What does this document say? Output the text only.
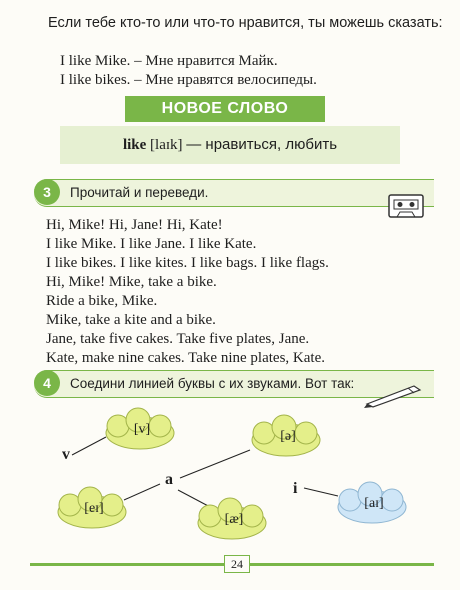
Если тебе кто-то или что-то нравится, ты можешь сказать:
I like Mike. – Мне нравится Майк.
I like bikes. – Мне нравятся велосипеды.
НОВОЕ СЛОВО
like [laɪk] — нравиться, любить
3	Прочитай и переведи.
Hi, Mike! Hi, Jane! Hi, Kate!
I like Mike. I like Jane. I like Kate.
I like bikes. I like kites. I like bags. I like flags.
Hi, Mike! Mike, take a bike.
Ride a bike, Mike.
Mike, take a kite and a bike.
Jane, take five cakes. Take five plates, Jane.
Kate, make nine cakes. Take nine plates, Kate.
4	Соедини линией буквы с их звуками. Вот так:
[v]	[ə]
[eɪ]
[æ]
[aɪ]
v
a
i
24
